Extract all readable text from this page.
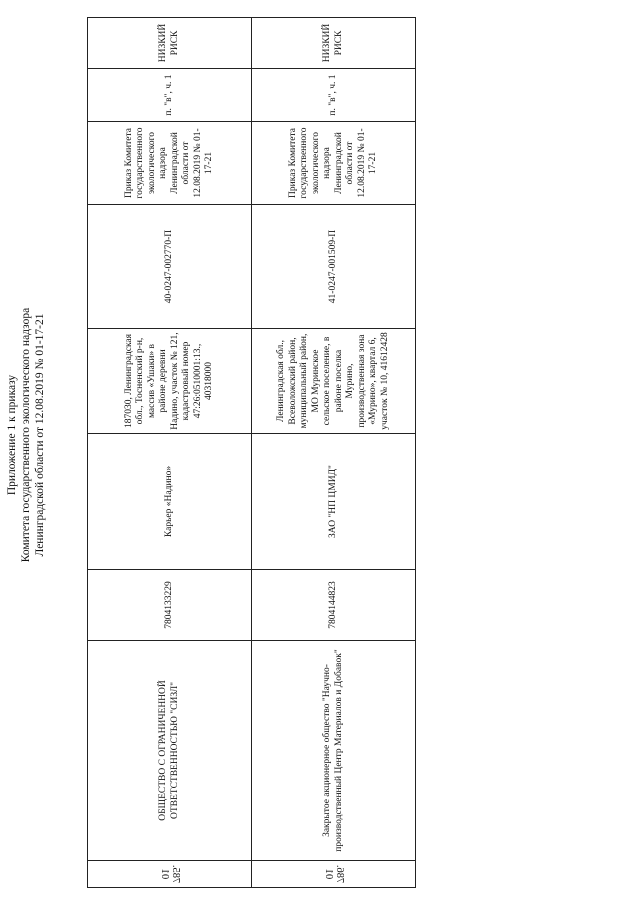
Приложение 1 к приказу Комитета государственного экологического надзора Ленинградской области от 12.08.2019 № 01-17-21
785.01	ОБЩЕСТВО С ОГРАНИЧЕННОЙ ОТВЕТСТВЕННОСТЬЮ "СИЗЛ"	7804133229	Карьер «Надино»	187030, Ленинградская обл., Тосненский р-н, массив «Ушаки» в районе деревни Надино, участок № 121, кадастровый номер 47:26:0510001:13., 40318000	40-0247-002770-П	Приказ Комитета государственного экологического надзора Ленинградской области от 12.08.2019 № 01-17-21	п. "в", ч. 1	НИЗКИЙ РИСК
786.01	Закрытое акционерное общество "Научно-производственный Центр Материалов и Добавок"	7804144823	ЗАО "НП ЦМИД"	Ленинградская обл., Всеволожский район, муниципальный район, МО Муринское сельское поселение, в районе поселка Мурино, производственная зона «Мурино», квартал 6, участок № 10, 41612428	41-0247-001509-П	Приказ Комитета государственного экологического надзора Ленинградской области от 12.08.2019 № 01-17-21	п. "в", ч. 1	НИЗКИЙ РИСК
